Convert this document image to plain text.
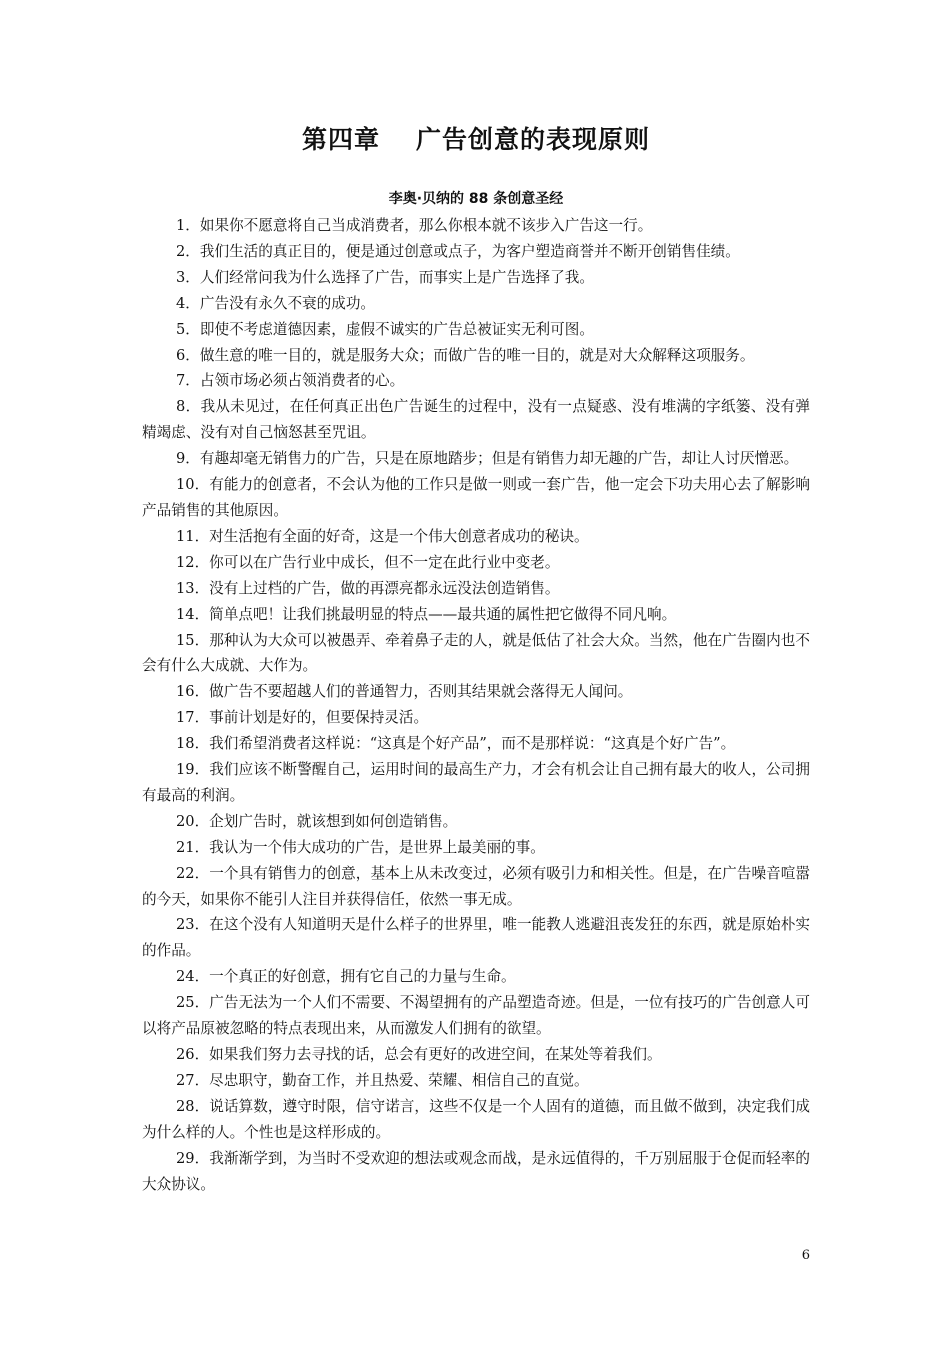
第四章 广告创意的表现原则
李奥·贝纳的 88 条创意圣经
1．如果你不愿意将自己当成消费者，那么你根本就不该步入广告这一行。
2．我们生活的真正目的，便是通过创意或点子，为客户塑造商誉并不断开创销售佳绩。
3．人们经常问我为什么选择了广告，而事实上是广告选择了我。
4．广告没有永久不衰的成功。
5．即使不考虑道德因素，虚假不诚实的广告总被证实无利可图。
6．做生意的唯一目的，就是服务大众；而做广告的唯一目的，就是对大众解释这项服务。
7．占领市场必须占领消费者的心。
8．我从未见过，在任何真正出色广告诞生的过程中，没有一点疑惑、没有堆满的字纸篓、没有弹精竭虑、没有对自己恼怒甚至咒诅。
9．有趣却毫无销售力的广告，只是在原地踏步；但是有销售力却无趣的广告，却让人讨厌憎恶。
10．有能力的创意者，不会认为他的工作只是做一则或一套广告，他一定会下功夫用心去了解影响产品销售的其他原因。
11．对生活抱有全面的好奇，这是一个伟大创意者成功的秘诀。
12．你可以在广告行业中成长，但不一定在此行业中变老。
13．没有上过档的广告，做的再漂亮都永远没法创造销售。
14．简单点吧！让我们挑最明显的特点——最共通的属性把它做得不同凡响。
15．那种认为大众可以被愚弄、牵着鼻子走的人，就是低估了社会大众。当然，他在广告圈内也不会有什么大成就、大作为。
16．做广告不要超越人们的普通智力，否则其结果就会落得无人闻问。
17．事前计划是好的，但要保持灵活。
18．我们希望消费者这样说：“这真是个好产品”，而不是那样说：“这真是个好广告”。
19．我们应该不断警醒自己，运用时间的最高生产力，才会有机会让自己拥有最大的收人，公司拥有最高的利润。
20．企划广告时，就该想到如何创造销售。
21．我认为一个伟大成功的广告，是世界上最美丽的事。
22．一个具有销售力的创意，基本上从未改变过，必须有吸引力和相关性。但是，在广告噪音喧嚣的今天，如果你不能引人注目并获得信任，依然一事无成。
23．在这个没有人知道明天是什么样子的世界里，唯一能教人逃避沮丧发狂的东西，就是原始朴实的作品。
24．一个真正的好创意，拥有它自己的力量与生命。
25．广告无法为一个人们不需要、不渴望拥有的产品塑造奇迹。但是，一位有技巧的广告创意人可以将产品原被忽略的特点表现出来，从而激发人们拥有的欲望。
26．如果我们努力去寻找的话，总会有更好的改进空间，在某处等着我们。
27．尽忠职守，勤奋工作，并且热爱、荣耀、相信自己的直觉。
28．说话算数，遵守时限，信守诺言，这些不仅是一个人固有的道德，而且做不做到，决定我们成为什么样的人。个性也是这样形成的。
29．我渐渐学到，为当时不受欢迎的想法或观念而战，是永远值得的，千万别屈服于仓促而轻率的大众协议。
6
